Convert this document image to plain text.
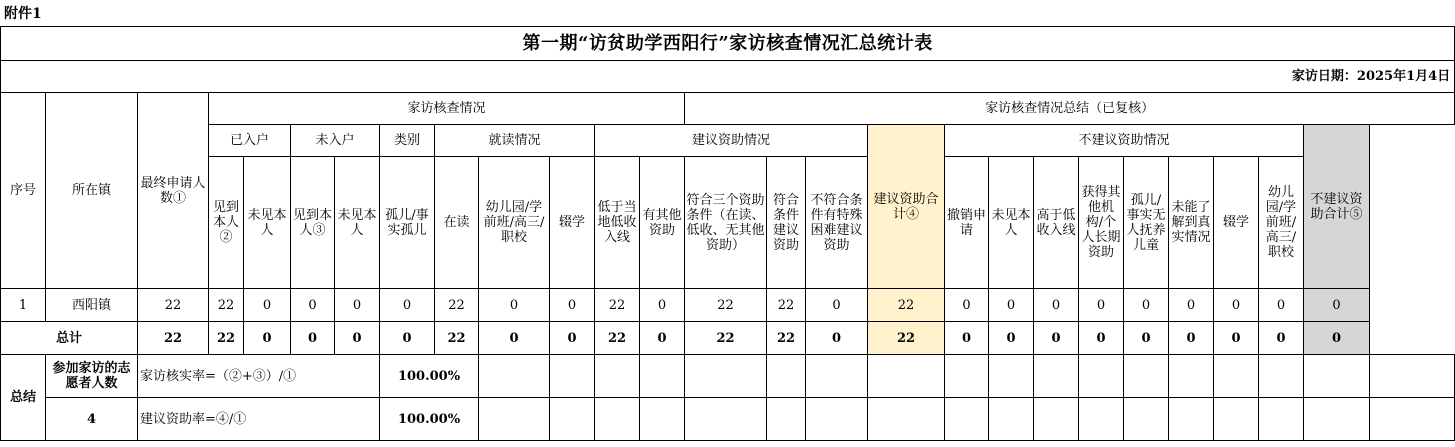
附件1
第一期“访贫助学西阳行”家访核查情况汇总统计表																										
家访日期：2025年1月4日																										
序号	所在镇	最终申请人数①	家访核查情况										家访核查情况总结（已复核）													
			已入户		未入户		类别	就读情况			建议资助情况					建议资助合计④	不建议资助情况								不建议资助合计⑤	
			见到本人②	未见本人	见到本人③	未见本人	孤儿/事实孤儿	在读	幼儿园/学前班/高三/职校	辍学	低于当地低收入线	有其他资助	符合三个资助条件（在读、低收、无其他资助）	符合条件建议资助	不符合条件有特殊困难建议资助		撤销申请	未见本人	高于低收入线	获得其他机构/个人长期资助	孤儿/事实无人抚养儿童	未能了解到真实情况	辍学	幼儿园/学前班/高三/职校		
1	西阳镇	22	22	0	0	0	0	22	0	0	22	0	22	22	0	22	0	0	0	0	0	0	0	0	0	
总计		22	22	0	0	0	0	22	0	0	22	0	22	22	0	22	0	0	0	0	0	0	0	0	0	
总结	参加家访的志愿者人数	家访核实率=（②+③）/①					100.00%																			
	4	建议资助率=④/①					100.00%																			
